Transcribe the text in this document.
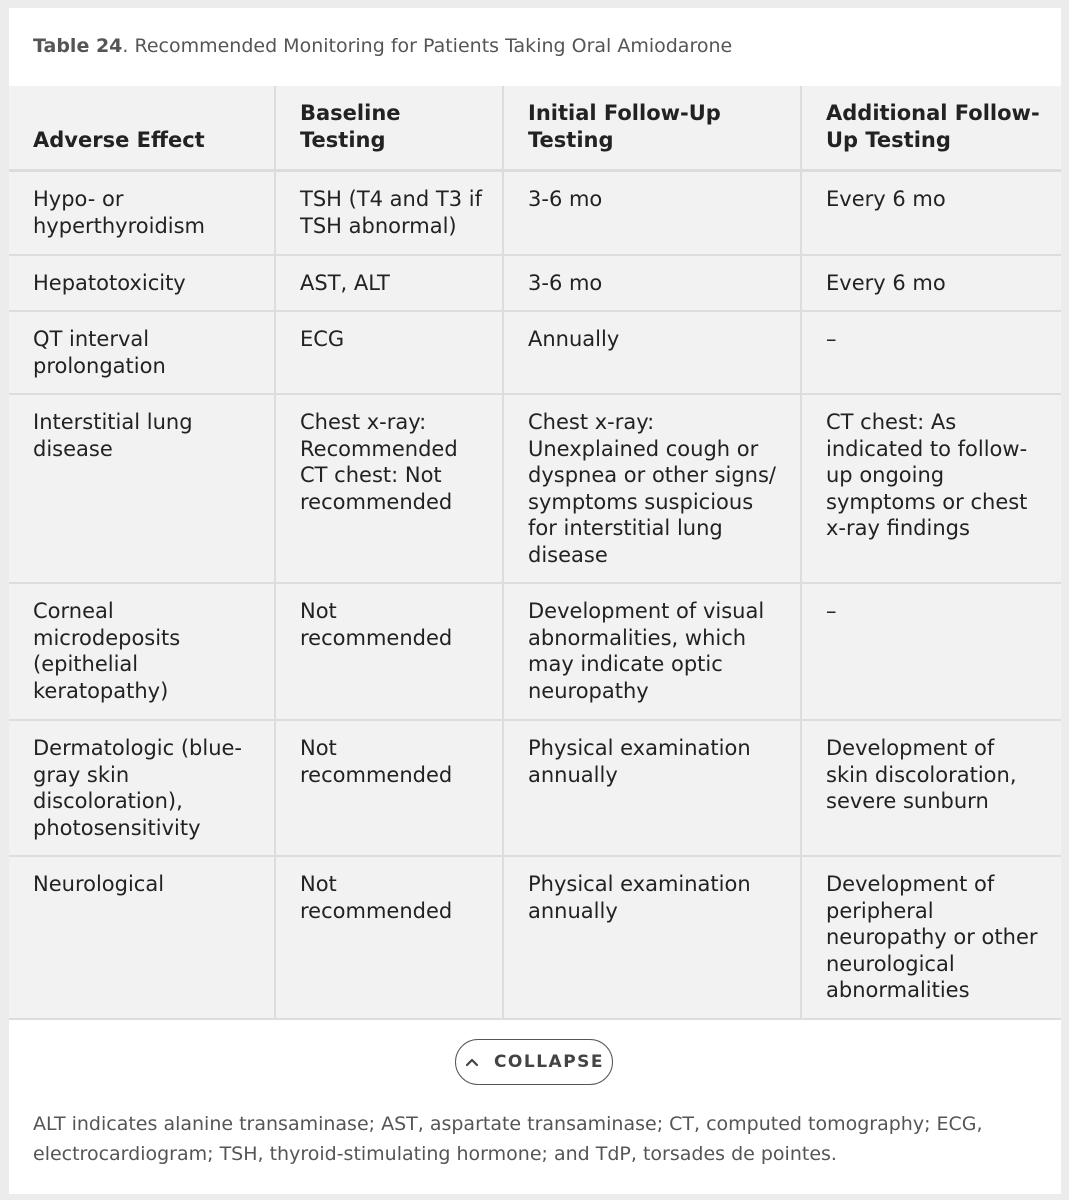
Table 24. Recommended Monitoring for Patients Taking Oral Amiodarone
Adverse Effect	Baseline Testing	Initial Follow-Up Testing	Additional Follow-Up Testing
Hypo- or hyperthyroidism	TSH (T4 and T3 if TSH abnormal)	3-6 mo	Every 6 mo
Hepatotoxicity	AST, ALT	3-6 mo	Every 6 mo
QT interval prolongation	ECG	Annually	–
Interstitial lung disease	Chest x-ray: Recommended CT chest: Not recommended	Chest x-ray: Unexplained cough or dyspnea or other signs/ symptoms suspicious for interstitial lung disease	CT chest: As indicated to follow-up ongoing symptoms or chest x-ray findings
Corneal microdeposits (epithelial keratopathy)	Not recommended	Development of visual abnormalities, which may indicate optic neuropathy	–
Dermatologic (blue-gray skin discoloration), photosensitivity	Not recommended	Physical examination annually	Development of skin discoloration, severe sunburn
Neurological	Not recommended	Physical examination annually	Development of peripheral neuropathy or other neurological abnormalities
COLLAPSE
ALT indicates alanine transaminase; AST, aspartate transaminase; CT, computed tomography; ECG, electrocardiogram; TSH, thyroid-stimulating hormone; and TdP, torsades de pointes.
